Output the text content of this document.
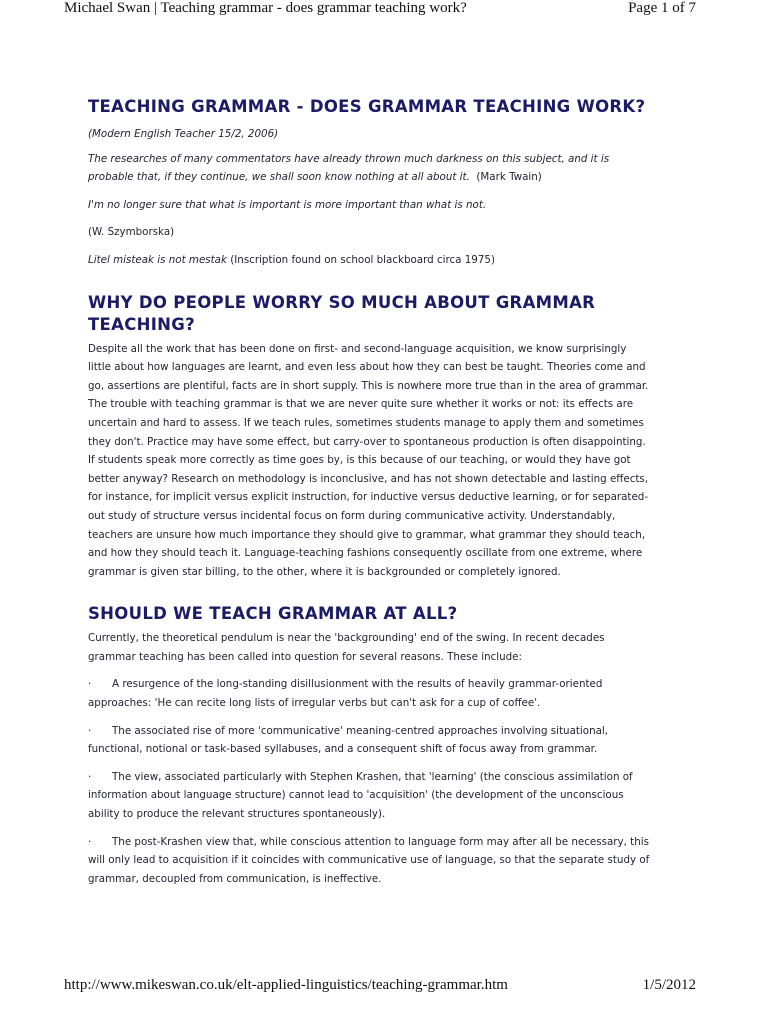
Michael Swan | Teaching grammar - does grammar teaching work?	Page 1 of 7
TEACHING GRAMMAR - DOES GRAMMAR TEACHING WORK?

(Modern English Teacher 15/2, 2006)

The researches of many commentators have already thrown much darkness on this subject, and it is probable that, if they continue, we shall soon know nothing at all about it. (Mark Twain)

I'm no longer sure that what is important is more important than what is not.

(W. Szymborska)

Litel misteak is not mestak (Inscription found on school blackboard circa 1975)

WHY DO PEOPLE WORRY SO MUCH ABOUT GRAMMAR TEACHING?

Despite all the work that has been done on first- and second-language acquisition, we know surprisingly little about how languages are learnt, and even less about how they can best be taught. Theories come and go, assertions are plentiful, facts are in short supply. This is nowhere more true than in the area of grammar. The trouble with teaching grammar is that we are never quite sure whether it works or not: its effects are uncertain and hard to assess. If we teach rules, sometimes students manage to apply them and sometimes they don't. Practice may have some effect, but carry-over to spontaneous production is often disappointing. If students speak more correctly as time goes by, is this because of our teaching, or would they have got better anyway? Research on methodology is inconclusive, and has not shown detectable and lasting effects, for instance, for implicit versus explicit instruction, for inductive versus deductive learning, or for separated-out study of structure versus incidental focus on form during communicative activity. Understandably, teachers are unsure how much importance they should give to grammar, what grammar they should teach, and how they should teach it. Language-teaching fashions consequently oscillate from one extreme, where grammar is given star billing, to the other, where it is backgrounded or completely ignored.

SHOULD WE TEACH GRAMMAR AT ALL?

Currently, the theoretical pendulum is near the 'backgrounding' end of the swing. In recent decades grammar teaching has been called into question for several reasons. These include:

· A resurgence of the long-standing disillusionment with the results of heavily grammar-oriented approaches: 'He can recite long lists of irregular verbs but can't ask for a cup of coffee'.

· The associated rise of more 'communicative' meaning-centred approaches involving situational, functional, notional or task-based syllabuses, and a consequent shift of focus away from grammar.

· The view, associated particularly with Stephen Krashen, that 'learning' (the conscious assimilation of information about language structure) cannot lead to 'acquisition' (the development of the unconscious ability to produce the relevant structures spontaneously).

· The post-Krashen view that, while conscious attention to language form may after all be necessary, this will only lead to acquisition if it coincides with communicative use of language, so that the separate study of grammar, decoupled from communication, is ineffective.

http://www.mikeswan.co.uk/elt-applied-linguistics/teaching-grammar.htm	1/5/2012
